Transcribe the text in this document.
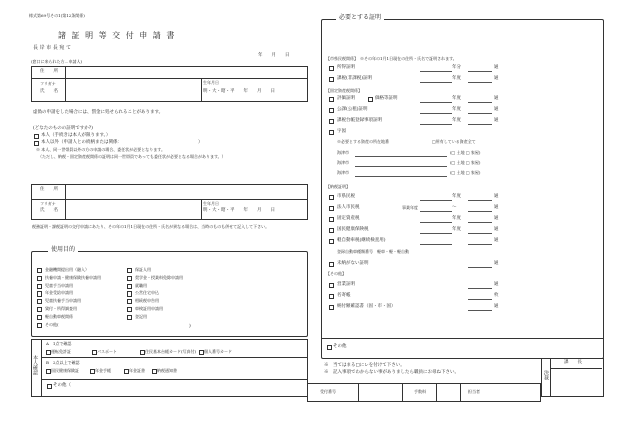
様式第69号その1(第12条関係)
諸 証 明 等 交 付 申 請 書
長 岸 市 長 宛 て
年　　月　　日
(窓口に来られた方…申請人)
住　　所
フリガナ
氏　　名
生年月日
明・大・昭・平　　年　　月　　日
虚偽の申請をした場合には、罰金に処せられることがあります。
(どなたのものの証明ですか?)
本人（手続きは本人が限ります。）
本人以外（申請人との続柄または関係：	）
※ 本人、同一世帯員以外の方の申請の場合、委任状が必要となります。
（ただし、納税・固定資産税関係の証明は同一世帯員であっても委任状が必要となる場合があります。）
住　　所
フリガナ
氏　　名
生年月日
明・大・昭・平　　年　　月　　日
税務証明・課税証明の交付申請にあたり、その年の1月1日現在の住所・氏名が異なる場合は、当時のものも併せて記入して下さい。
使用目的
)
本人確認
A　1点で確認
B　2点以上で確認
その他（
必要とする証明
【市県民税関係】　※その年の1月1日現在の住所・氏名で証明されます。
その他
※　当てはまる□にレを付けて下さい。
※　記入事項でわからない事がありましたら職員にお尋ね下さい。	決裁
課　　長
受付番号	手数料	担当者
金融機関提出用（融入）
扶養申請・健康保険扶養申請用
児童手当申請用
年金受給申請用
児童扶養手当申請用
貸付・所得調査用
軽自動車税関係
その他(
保証人用
奨学金・授業料免除申請用
就職用
公営住宅申込
相続税申告用
車検証用申請用
登記用
運転免許証	パスポート	住民基本台帳カード(写真付) 個人番号カード
国民健康保険証	年金手帳	年金証書	納税通知書
所得証明	年分	通
課税(非課税)証明	年度	通
【固定資産税関係】
評価証明	価格等証明	年度	通
公課(公租)証明	年度	通
課税台帳登録事項証明	年度	通
字図
※必要とする資産の所在地番	□所有している資産全て
海津市	(□ 土地 □ 家屋)
海津市	(□ 土地 □ 家屋)
海津市	(□ 土地 □ 家屋)
【納税証明】
市県民税	年度	通
法人市民税	事業年度	〜	通
固定資産税	年度	通
国民健康保険税	年度	通
軽自動車税(継続検査用)	通
登録自動車種類番号　軽車・軽・軽自動
未納がない証明	通
【その他】
営業証明	通
名寄帳	枚
納付額確認書（固・市・国）	通
